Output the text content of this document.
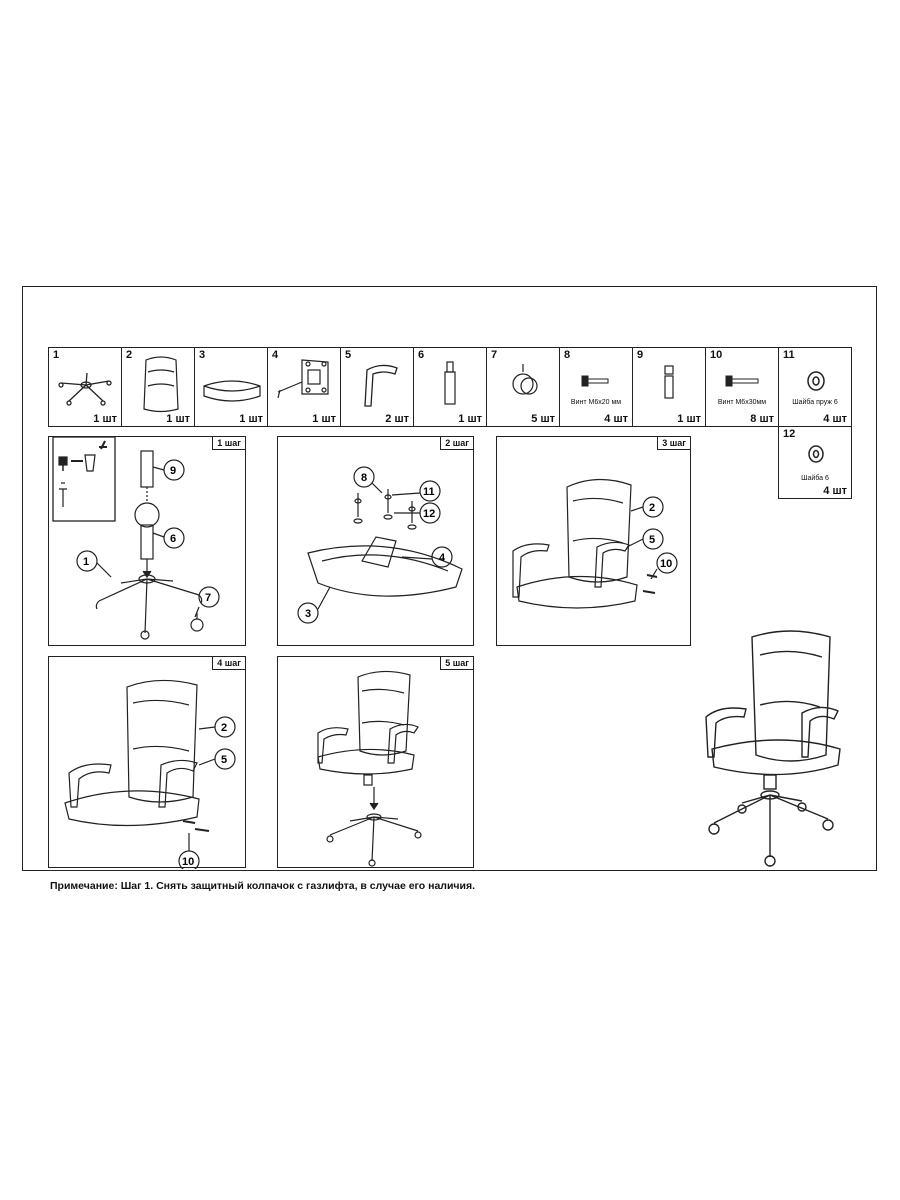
1
1 шт
2
1 шт
3
1 шт
4
1 шт
5
2 шт
6
1 шт
7
5 шт
8
Винт М6х20 мм
4 шт
9
1 шт
10
Винт М6х30мм
8 шт
11
Шайба пруж 6
4 шт
12
Шайба 6
4 шт
1 шаг
9
6
1
7
2 шаг
8
11
12
4
3
3 шаг
2
5
10
4 шаг
2
5
10
5 шаг
Примечание: Шаг 1. Снять защитный колпачок с газлифта, в случае его наличия.
